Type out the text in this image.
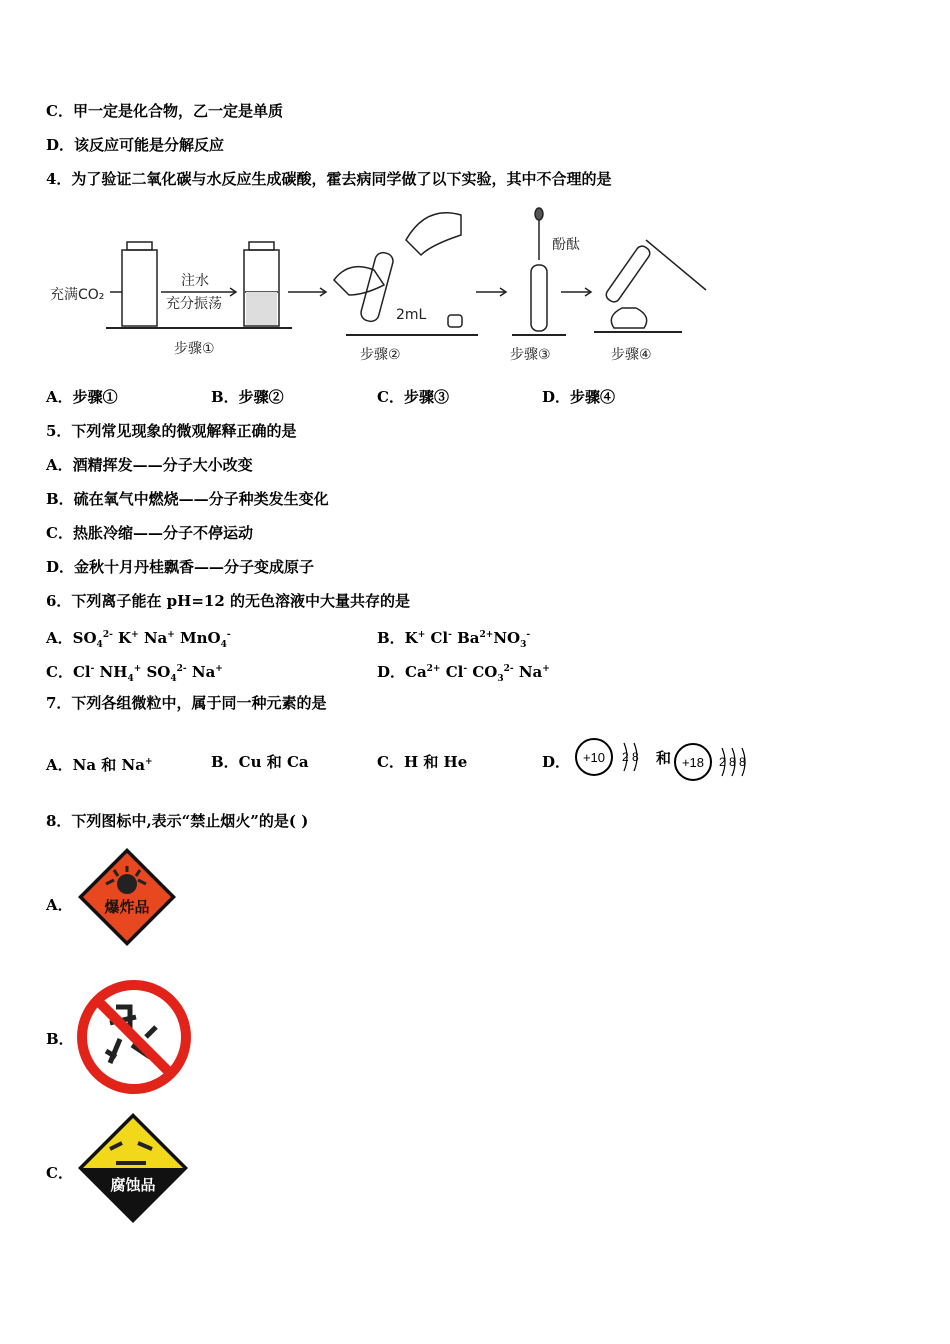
C．甲一定是化合物，乙一定是单质
D．该反应可能是分解反应
4．为了验证二氧化碳与水反应生成碳酸，霍去病同学做了以下实验，其中不合理的是
充满CO₂
注水
充分振荡
2mL
酚酞
步骤①	步骤②	步骤③	步骤④
A．步骤①	B．步骤②	C．步骤③	D．步骤④
5．下列常见现象的微观解释正确的是
A．酒精挥发——分子大小改变
B．硫在氧气中燃烧——分子种类发生变化
C．热胀冷缩——分子不停运动
D．金秋十月丹桂飘香——分子变成原子
6．下列离子能在 pH=12 的无色溶液中大量共存的是
A．$SO_4^{2-}$ K+ Na+ MnO$_4$-	B．K+ Cl- $Ba^{2+}NO_3^-$
C．Cl- $NH_4^+$ $SO_4^{2-}$ Na+	D．$Ca^{2+}$ Cl- $CO_3^{2-}$ Na+
7．下列各组微粒中，属于同一种元素的是
A．Na 和 Na+	B．Cu 和 Ca	C．H 和 He	D． +10 2 8 和 +18 2 8 8
8．下列图标中,表示“禁止烟火”的是( )
A． 爆炸品
B．
C．
腐蚀品
